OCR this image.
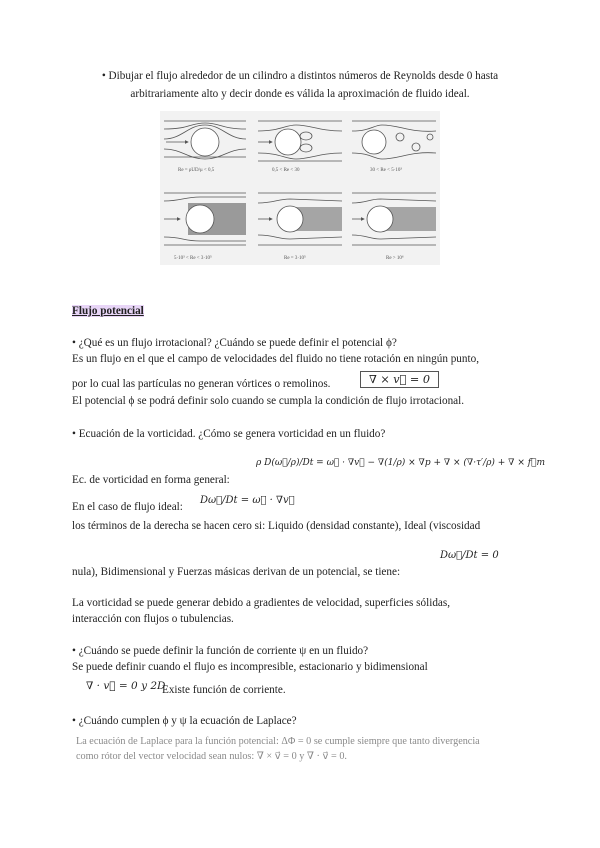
• Dibujar el flujo alrededor de un cilindro a distintos números de Reynolds desde 0 hasta
arbitrariamente alto y decir donde es válida la aproximación de fluido ideal.
Re = ρUD/μ < 0,5	0,5 < Re < 30	30 < Re < 5·10³
5·10³ < Re < 3·10⁵	Re = 3·10⁵	Re > 10⁶
Flujo potencial
• ¿Qué es un flujo irrotacional? ¿Cuándo se puede definir el potencial ϕ?
Es un flujo en el que el campo de velocidades del fluido no tiene rotación en ningún punto,
por lo cual las partículas no generan vórtices o remolinos.	∇ × v⃗ = 0
El potencial ϕ se podrá definir solo cuando se cumpla la condición de flujo irrotacional.
• Ecuación de la vorticidad. ¿Cómo se genera vorticidad en un fluido?
ρ D(ω⃗/ρ)/Dt = ω⃗ · ∇v⃗ − ∇(1/ρ) × ∇p + ∇ × (∇·τ′/ρ) + ∇ × f⃗m
Ec. de vorticidad en forma general:
En el caso de flujo ideal:
Dω⃗/Dt = ω⃗ · ∇v⃗
los términos de la derecha se hacen cero si: Liquido (densidad constante), Ideal (viscosidad
Dω⃗/Dt = 0
nula), Bidimensional y Fuerzas másicas derivan de un potencial, se tiene:
La vorticidad se puede generar debido a gradientes de velocidad, superficies sólidas,
interacción con flujos o tubulencias.
• ¿Cuándo se puede definir la función de corriente ψ en un fluido?
Se puede definir cuando el flujo es incompresible, estacionario y bidimensional
∇ · v⃗ = 0 y 2D
Existe función de corriente.
• ¿Cuándo cumplen ϕ y ψ la ecuación de Laplace?
La ecuación de Laplace para la función potencial: ΔΦ = 0 se cumple siempre que tanto divergencia
como rótor del vector velocidad sean nulos: ∇ × v⃗ = 0 y ∇ · v⃗ = 0.
